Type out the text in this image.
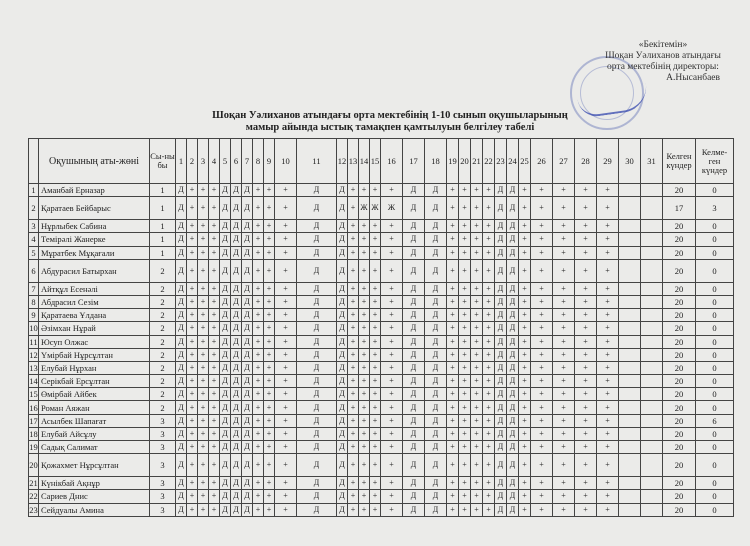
«Бекітемін»
Шоқан Уәлиханов атындағы
орта мектебінің директоры:
А.Нысанбаев
Шоқан Уәлиханов атындағы орта мектебінің 1-10 сынып оқушыларының
мамыр айында ыстық тамақпен қамтылуын белгілеу табелі
	Оқушының аты-жөні	Сы-ны бы	1	2	3	4	5	6	7	8	9	10	11	12	13	14	15	16	17	18	19	20	21	22	23	24	25	26	27	28	29	30	31	Келген күндер	Келме-ген күндер
1	Аманбай Ерназар	1	Д	+	+	+	Д	Д	Д	+	+	+	Д	Д	+	+	+	+	Д	Д	+	+	+	+	Д	Д	+	+	+	+	+			20	0
2	Қаратаев Бейбарыс	1	Д	+	+	+	Д	Д	Д	+	+	+	Д	Д	+	Ж	Ж	Ж	Д	Д	+	+	+	+	Д	Д	+	+	+	+	+			17	3
3	Нұрлыбек Сабина	1	Д	+	+	+	Д	Д	Д	+	+	+	Д	Д	+	+	+	+	Д	Д	+	+	+	+	Д	Д	+	+	+	+	+			20	0
4	Темірәлі Жанерке	1	Д	+	+	+	Д	Д	Д	+	+	+	Д	Д	+	+	+	+	Д	Д	+	+	+	+	Д	Д	+	+	+	+	+			20	0
5	Мұратбек Мұқағали	1	Д	+	+	+	Д	Д	Д	+	+	+	Д	Д	+	+	+	+	Д	Д	+	+	+	+	Д	Д	+	+	+	+	+			20	0
6	Абдурасил Батырхан	2	Д	+	+	+	Д	Д	Д	+	+	+	Д	Д	+	+	+	+	Д	Д	+	+	+	+	Д	Д	+	+	+	+	+			20	0
7	Айтқұл Есенәлі	2	Д	+	+	+	Д	Д	Д	+	+	+	Д	Д	+	+	+	+	Д	Д	+	+	+	+	Д	Д	+	+	+	+	+			20	0
8	Абдрасил Сезім	2	Д	+	+	+	Д	Д	Д	+	+	+	Д	Д	+	+	+	+	Д	Д	+	+	+	+	Д	Д	+	+	+	+	+			20	0
9	Қаратаева Ұлдана	2	Д	+	+	+	Д	Д	Д	+	+	+	Д	Д	+	+	+	+	Д	Д	+	+	+	+	Д	Д	+	+	+	+	+			20	0
10	Әзімхан Нұрай	2	Д	+	+	+	Д	Д	Д	+	+	+	Д	Д	+	+	+	+	Д	Д	+	+	+	+	Д	Д	+	+	+	+	+			20	0
11	Юсуп Олжас	2	Д	+	+	+	Д	Д	Д	+	+	+	Д	Д	+	+	+	+	Д	Д	+	+	+	+	Д	Д	+	+	+	+	+			20	0
12	Үмірбай Нұрсұлтан	2	Д	+	+	+	Д	Д	Д	+	+	+	Д	Д	+	+	+	+	Д	Д	+	+	+	+	Д	Д	+	+	+	+	+			20	0
13	Елубай Нұрхан	2	Д	+	+	+	Д	Д	Д	+	+	+	Д	Д	+	+	+	+	Д	Д	+	+	+	+	Д	Д	+	+	+	+	+			20	0
14	Серікбай Ерсұлтан	2	Д	+	+	+	Д	Д	Д	+	+	+	Д	Д	+	+	+	+	Д	Д	+	+	+	+	Д	Д	+	+	+	+	+			20	0
15	Өмірбай Айбек	2	Д	+	+	+	Д	Д	Д	+	+	+	Д	Д	+	+	+	+	Д	Д	+	+	+	+	Д	Д	+	+	+	+	+			20	0
16	Роман Аяжан	2	Д	+	+	+	Д	Д	Д	+	+	+	Д	Д	+	+	+	+	Д	Д	+	+	+	+	Д	Д	+	+	+	+	+			20	0
17	Асылбек Шапағат	3	Д	+	+	+	Д	Д	Д	+	+	+	Д	Д	+	+	+	+	Д	Д	+	+	+	+	Д	Д	+	+	+	+	+			20	6
18	Елубай Айсұлу	3	Д	+	+	+	Д	Д	Д	+	+	+	Д	Д	+	+	+	+	Д	Д	+	+	+	+	Д	Д	+	+	+	+	+			20	0
19	Садық Салимат	3	Д	+	+	+	Д	Д	Д	+	+	+	Д	Д	+	+	+	+	Д	Д	+	+	+	+	Д	Д	+	+	+	+	+			20	0
20	Қожахмет Нұрсұлтан	3	Д	+	+	+	Д	Д	Д	+	+	+	Д	Д	+	+	+	+	Д	Д	+	+	+	+	Д	Д	+	+	+	+	+			20	0
21	Күнікбай Ақнұр	3	Д	+	+	+	Д	Д	Д	+	+	+	Д	Д	+	+	+	+	Д	Д	+	+	+	+	Д	Д	+	+	+	+	+			20	0
22	Сариев Днис	3	Д	+	+	+	Д	Д	Д	+	+	+	Д	Д	+	+	+	+	Д	Д	+	+	+	+	Д	Д	+	+	+	+	+			20	0
23	Сейдуалы Амина	3	Д	+	+	+	Д	Д	Д	+	+	+	Д	Д	+	+	+	+	Д	Д	+	+	+	+	Д	Д	+	+	+	+	+			20	0
